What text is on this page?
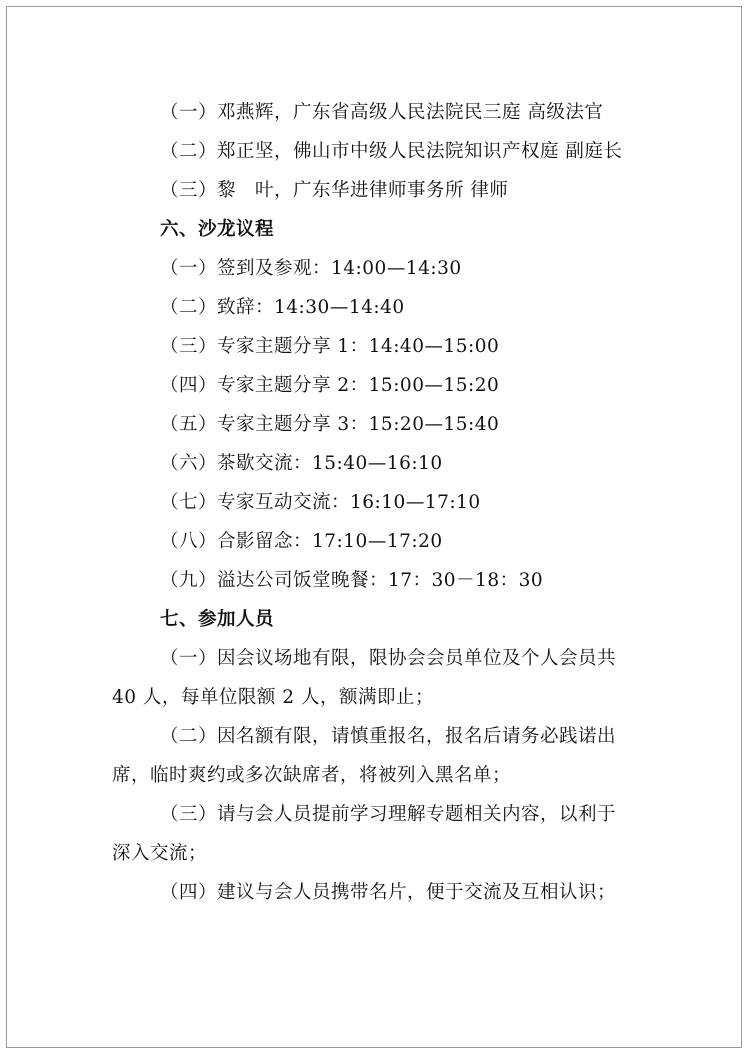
（一）邓燕辉，广东省高级人民法院民三庭 高级法官
（二）郑正坚，佛山市中级人民法院知识产权庭 副庭长
（三）黎　叶，广东华进律师事务所 律师
六、沙龙议程
（一）签到及参观：14:00—14:30
（二）致辞：14:30—14:40
（三）专家主题分享 1：14:40—15:00
（四）专家主题分享 2：15:00—15:20
（五）专家主题分享 3：15:20—15:40
（六）茶歇交流：15:40—16:10
（七）专家互动交流：16:10—17:10
（八）合影留念：17:10—17:20
（九）溢达公司饭堂晚餐：17：30－18：30
七、参加人员
（一）因会议场地有限，限协会会员单位及个人会员共
40 人，每单位限额 2 人，额满即止；
（二）因名额有限，请慎重报名，报名后请务必践诺出
席，临时爽约或多次缺席者，将被列入黑名单；
（三）请与会人员提前学习理解专题相关内容，以利于
深入交流；
（四）建议与会人员携带名片，便于交流及互相认识；
